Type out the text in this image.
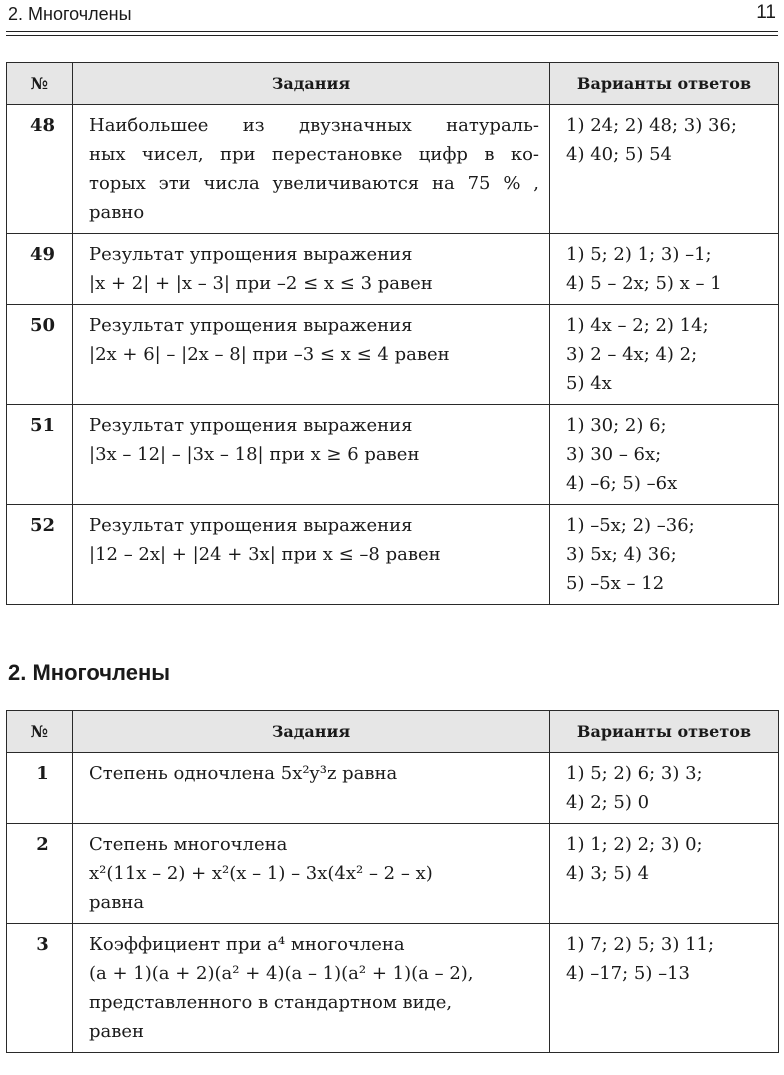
2. Многочлены	11
№	Задания	Варианты ответов
48	Наибольшее из двузначных натураль-
ных чисел, при перестановке цифр в ко-
торых эти числа увеличиваются на 75 % ,
равно	1) 24; 2) 48; 3) 36;
4) 40; 5) 54

49	Результат упрощения выражения
|x + 2| + |x – 3| при –2 ≤ x ≤ 3 равен	1) 5; 2) 1; 3) –1;
4) 5 – 2x; 5) x – 1

50	Результат упрощения выражения
|2x + 6| – |2x – 8| при –3 ≤ x ≤ 4 равен	1) 4x – 2; 2) 14;
3) 2 – 4x; 4) 2;
5) 4x

51	Результат упрощения выражения
|3x – 12| – |3x – 18| при x ≥ 6 равен	1) 30; 2) 6;
3) 30 – 6x;
4) –6; 5) –6x

52	Результат упрощения выражения
|12 – 2x| + |24 + 3x| при x ≤ –8 равен	1) –5x; 2) –36;
3) 5x; 4) 36;
5) –5x – 12
2. Многочлены
№	Задания	Варианты ответов
1	Степень одночлена 5x²y³z равна	1) 5; 2) 6; 3) 3;
4) 2; 5) 0

2	Степень многочлена
x²(11x – 2) + x²(x – 1) – 3x(4x² – 2 – x)
равна	1) 1; 2) 2; 3) 0;
4) 3; 5) 4

3	Коэффициент при a⁴ многочлена
(a + 1)(a + 2)(a² + 4)(a – 1)(a² + 1)(a – 2),
представленного в стандартном виде,
равен	1) 7; 2) 5; 3) 11;
4) –17; 5) –13
